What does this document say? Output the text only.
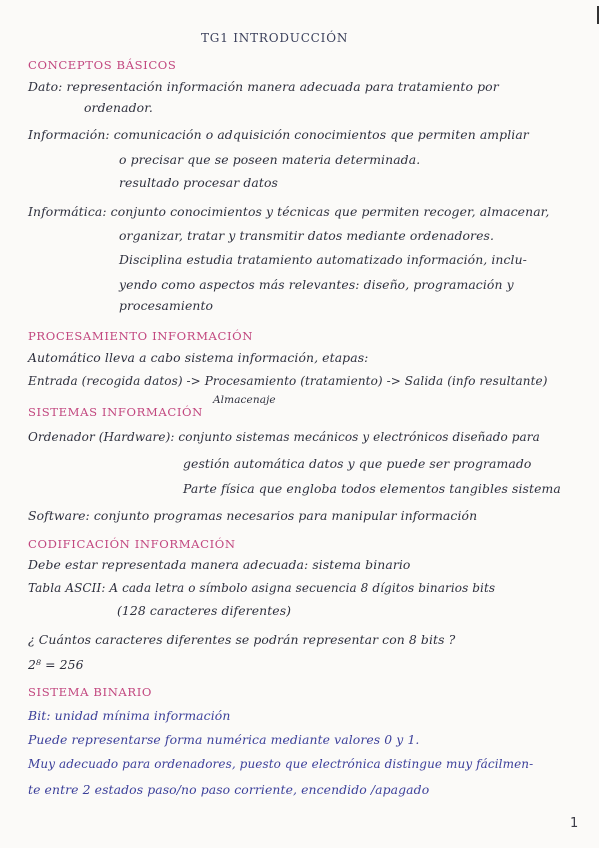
TG1 INTRODUCCIÓN
CONCEPTOS BÁSICOS
Dato: representación información manera adecuada para tratamiento por
ordenador.
Información: comunicación o adquisición conocimientos que permiten ampliar
o precisar que se poseen materia determinada.
resultado procesar datos
Informática: conjunto conocimientos y técnicas que permiten recoger, almacenar,
organizar, tratar y transmitir datos mediante ordenadores.
Disciplina estudia tratamiento automatizado información, inclu-
yendo como aspectos más relevantes: diseño, programación y
procesamiento
PROCESAMIENTO INFORMACIÓN
Automático lleva a cabo sistema información, etapas:
Entrada (recogida datos) -> Procesamiento (tratamiento) -> Salida (info resultante)
Almacenaje
SISTEMAS INFORMACIÓN
Ordenador (Hardware): conjunto sistemas mecánicos y electrónicos diseñado para
gestión automática datos y que puede ser programado
Parte física que engloba todos elementos tangibles sistema
Software: conjunto programas necesarios para manipular información
CODIFICACIÓN INFORMACIÓN
Debe estar representada manera adecuada: sistema binario
Tabla ASCII: A cada letra o símbolo asigna secuencia 8 dígitos binarios bits
(128 caracteres diferentes)
¿ Cuántos caracteres diferentes se podrán representar con 8 bits ?
2⁸ = 256
SISTEMA BINARIO
Bit: unidad mínima información
Puede representarse forma numérica mediante valores 0 y 1.
Muy adecuado para ordenadores, puesto que electrónica distingue muy fácilmen-
te entre 2 estados paso/no paso corriente, encendido /apagado
1
